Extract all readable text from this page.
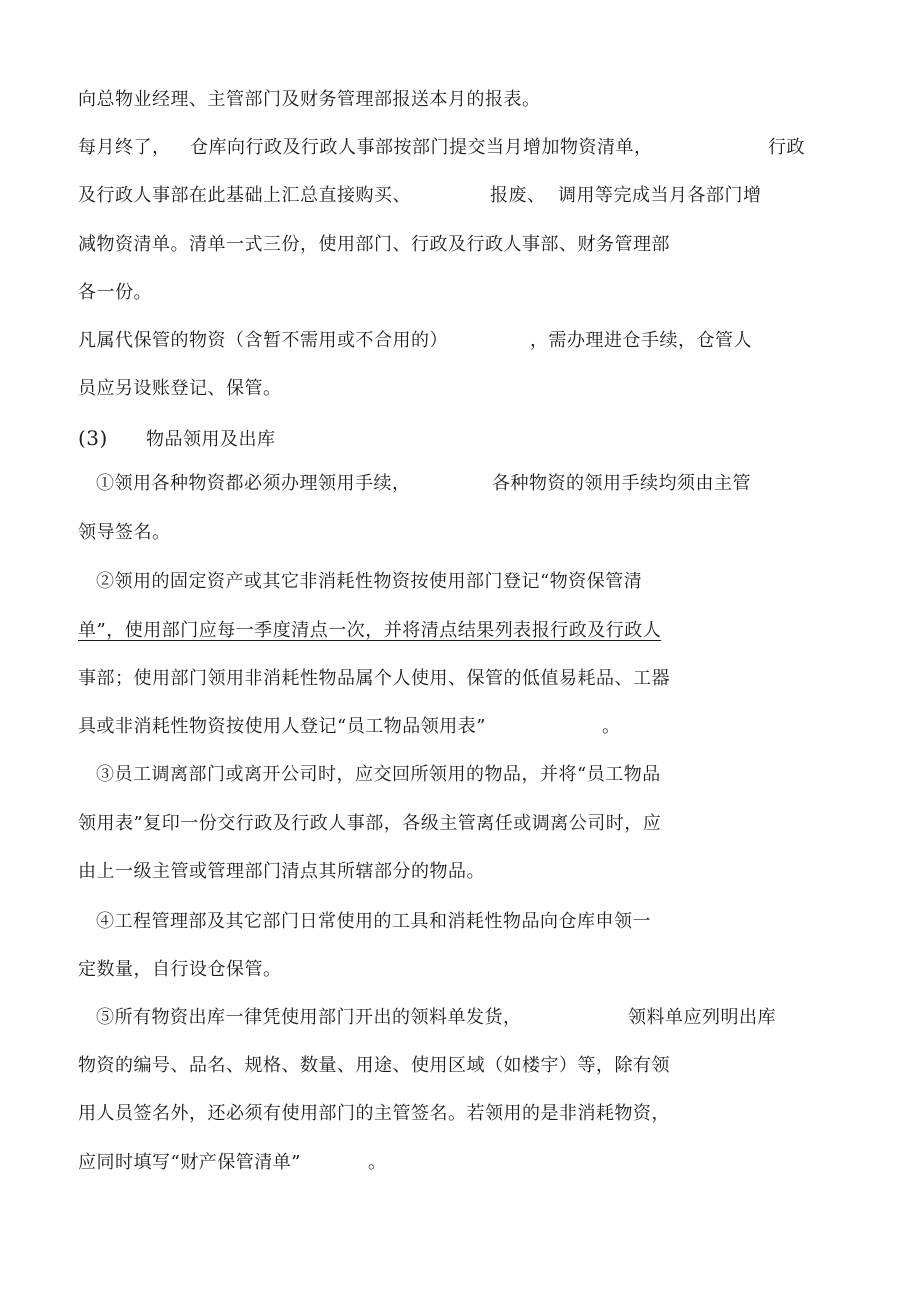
向总物业经理、主管部门及财务管理部报送本月的报表。
每月终了， 仓库向行政及行政人事部按部门提交当月增加物资清单，	行政
及行政人事部在此基础上汇总直接购买、	报废、 调用等完成当月各部门增
减物资清单。清单一式三份，使用部门、行政及行政人事部、财务管理部
各一份。
凡属代保管的物资（含暂不需用或不合用的）	，需办理进仓手续，仓管人
员应另设账登记、保管。
(3) 物品领用及出库
①领用各种物资都必须办理领用手续，	各种物资的领用手续均须由主管
领导签名。
②领用的固定资产或其它非消耗性物资按使用部门登记“物资保管清
单”，使用部门应每一季度清点一次，并将清点结果列表报行政及行政人
事部；使用部门领用非消耗性物品属个人使用、保管的低值易耗品、工器
具或非消耗性物资按使用人登记“员工物品领用表”	。
③员工调离部门或离开公司时，应交回所领用的物品，并将“员工物品
领用表”复印一份交行政及行政人事部，各级主管离任或调离公司时，应
由上一级主管或管理部门清点其所辖部分的物品。
④工程管理部及其它部门日常使用的工具和消耗性物品向仓库申领一
定数量，自行设仓保管。
⑤所有物资出库一律凭使用部门开出的领料单发货，	领料单应列明出库
物资的编号、品名、规格、数量、用途、使用区域（如楼宇）等，除有领
用人员签名外，还必须有使用部门的主管签名。若领用的是非消耗物资，
应同时填写“财产保管清单”	。
